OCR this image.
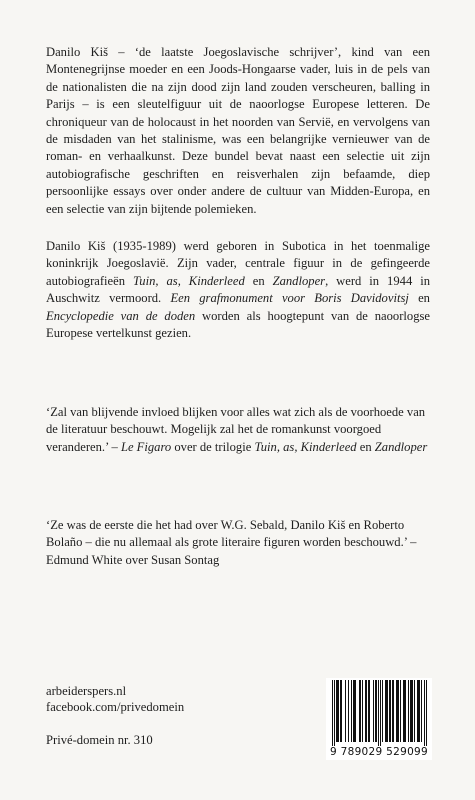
Danilo Kiš – ‘de laatste Joegoslavische schrijver’, kind van een Montenegrijnse moeder en een Joods-Hongaarse vader, luis in de pels van de nationalisten die na zijn dood zijn land zouden verscheuren, balling in Parijs – is een sleutelfiguur uit de naoorlogse Europese letteren. De chroniqueur van de holocaust in het noorden van Servië, en vervolgens van de misdaden van het stalinisme, was een belangrijke vernieuwer van de roman- en verhaalkunst. Deze bundel bevat naast een selectie uit zijn autobiografische geschriften en reisverhalen zijn befaamde, diep persoonlijke essays over onder andere de cultuur van Midden-Europa, en een selectie van zijn bijtende polemieken.

Danilo Kiš (1935-1989) werd geboren in Subotica in het toenmalige koninkrijk Joegoslavië. Zijn vader, centrale figuur in de gefingeerde autobiografieën Tuin, as, Kinderleed en Zandloper, werd in 1944 in Auschwitz vermoord. Een grafmonument voor Boris Davidovitsj en Encyclopedie van de doden worden als hoogtepunt van de naoorlogse Europese vertelkunst gezien.

‘Zal van blijvende invloed blijken voor alles wat zich als de voorhoede van de literatuur beschouwt. Mogelijk zal het de romankunst voorgoed veranderen.’ – Le Figaro over de trilogie Tuin, as, Kinderleed en Zandloper

‘Ze was de eerste die het had over W.G. Sebald, Danilo Kiš en Roberto Bolaño – die nu allemaal als grote literaire figuren worden beschouwd.’ – Edmund White over Susan Sontag

arbeiderspers.nl

facebook.com/privedomein

Privé-domein nr. 310

9 789029 529099
